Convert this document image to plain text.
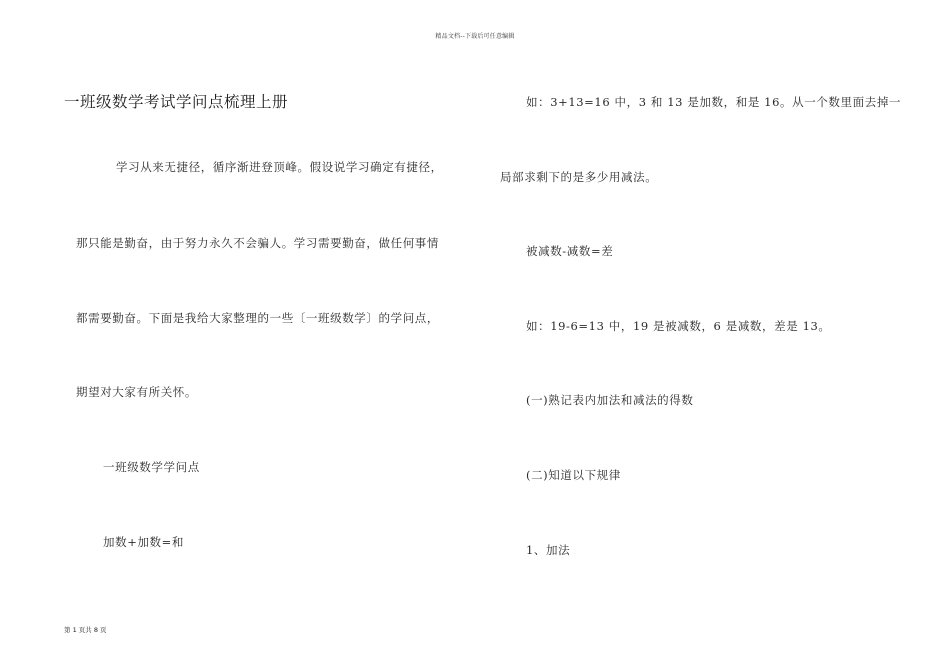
精品文档--下载后可任意编辑
一班级数学考试学问点梳理上册
学习从来无捷径，循序渐进登顶峰。假设说学习确定有捷径，
那只能是勤奋，由于努力永久不会骗人。学习需要勤奋，做任何事情
都需要勤奋。下面是我给大家整理的一些〔一班级数学〕的学问点，
期望对大家有所关怀。
一班级数学学问点
加数+加数=和
如：3+13=16 中，3 和 13 是加数，和是 16。从一个数里面去掉一
局部求剩下的是多少用减法。
被减数-减数=差
如：19-6=13 中，19 是被减数，6 是减数，差是 13。
(一)熟记表内加法和减法的得数
(二)知道以下规律
1、加法
第 1 页共 8 页
